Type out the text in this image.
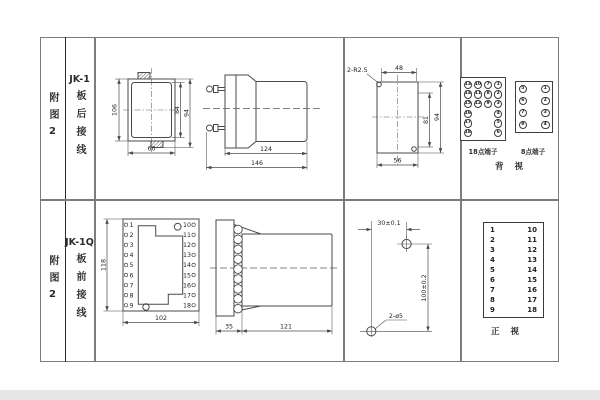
附图2
JK-1
板后接线	106
60
84 94
124
146
2-R2.5	48
81 94
56
13 10	7	1
14 11	8	2
15 12	9	3
16	4
17	5
18	6
5	1
6	2
7	3
8	4
18点端子	8点端子
背 视
附图2
JK-1Q
板前接线
1
2
3
4
5
6
7
8
9
10
11
12
13
14
15
16
17
18
118
102
35	121
30±0.1
100±0.2
2-ø5
1	10
2	11
3	12
4	13
5	14
6	15
7	16
8	17
9	18
正 视
